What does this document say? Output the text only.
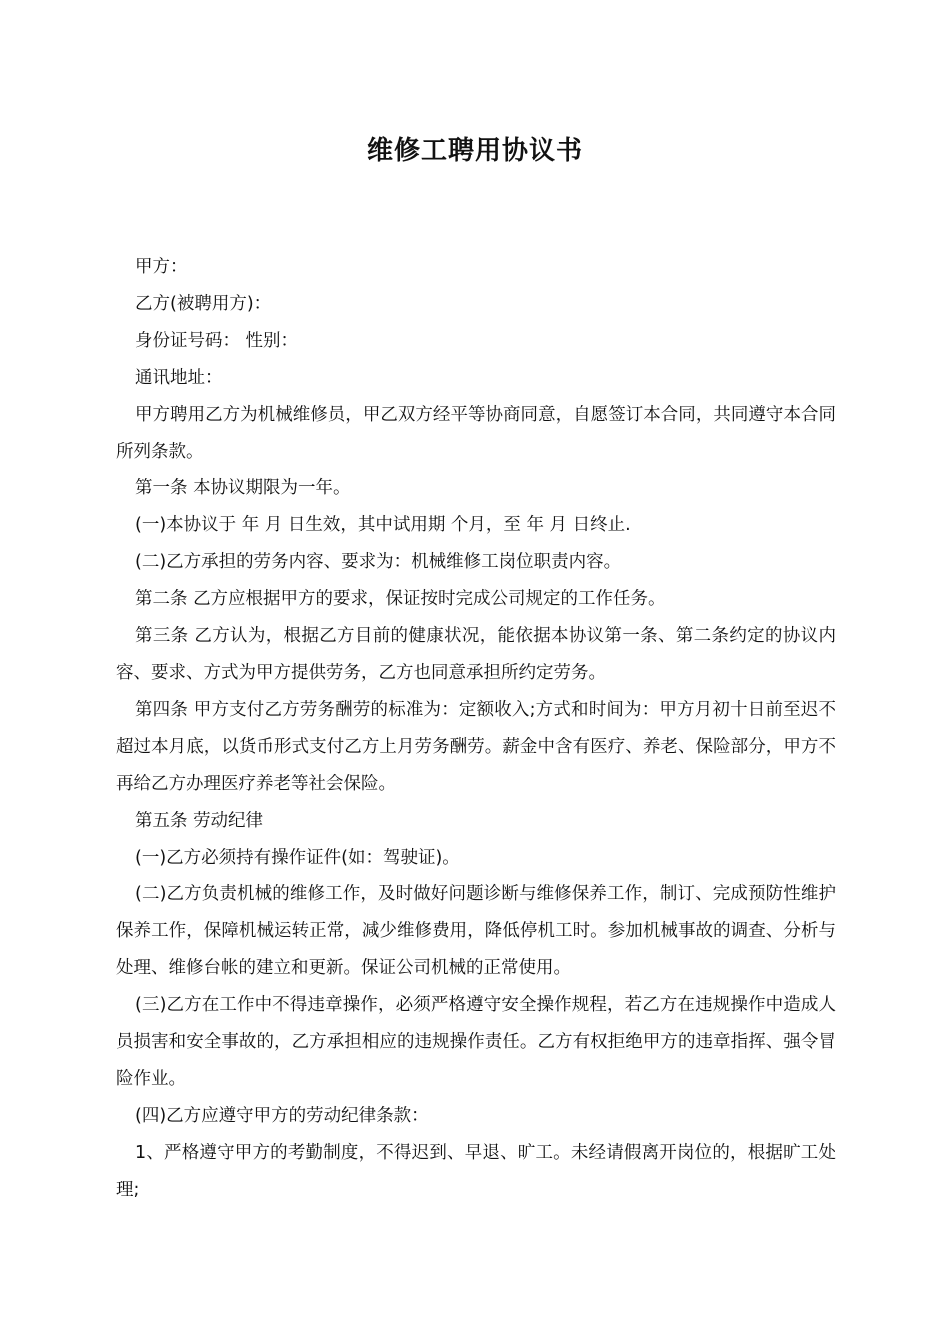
维修工聘用协议书

甲方：

乙方(被聘用方)：

身份证号码： 性别：

通讯地址：

甲方聘用乙方为机械维修员，甲乙双方经平等协商同意，自愿签订本合同，共同遵守本合同所列条款。

第一条 本协议期限为一年。

(一)本协议于 年 月 日生效，其中试用期 个月，至 年 月 日终止.

(二)乙方承担的劳务内容、要求为：机械维修工岗位职责内容。

第二条 乙方应根据甲方的要求，保证按时完成公司规定的工作任务。

第三条 乙方认为，根据乙方目前的健康状况，能依据本协议第一条、第二条约定的协议内容、要求、方式为甲方提供劳务，乙方也同意承担所约定劳务。

第四条 甲方支付乙方劳务酬劳的标准为：定额收入;方式和时间为：甲方月初十日前至迟不超过本月底，以货币形式支付乙方上月劳务酬劳。薪金中含有医疗、养老、保险部分，甲方不再给乙方办理医疗养老等社会保险。

第五条 劳动纪律

(一)乙方必须持有操作证件(如：驾驶证)。

(二)乙方负责机械的维修工作，及时做好问题诊断与维修保养工作，制订、完成预防性维护保养工作，保障机械运转正常，减少维修费用，降低停机工时。参加机械事故的调查、分析与处理、维修台帐的建立和更新。保证公司机械的正常使用。

(三)乙方在工作中不得违章操作，必须严格遵守安全操作规程，若乙方在违规操作中造成人员损害和安全事故的，乙方承担相应的违规操作责任。乙方有权拒绝甲方的违章指挥、强令冒险作业。

(四)乙方应遵守甲方的劳动纪律条款：

1、严格遵守甲方的考勤制度，不得迟到、早退、旷工。未经请假离开岗位的，根据旷工处理;
